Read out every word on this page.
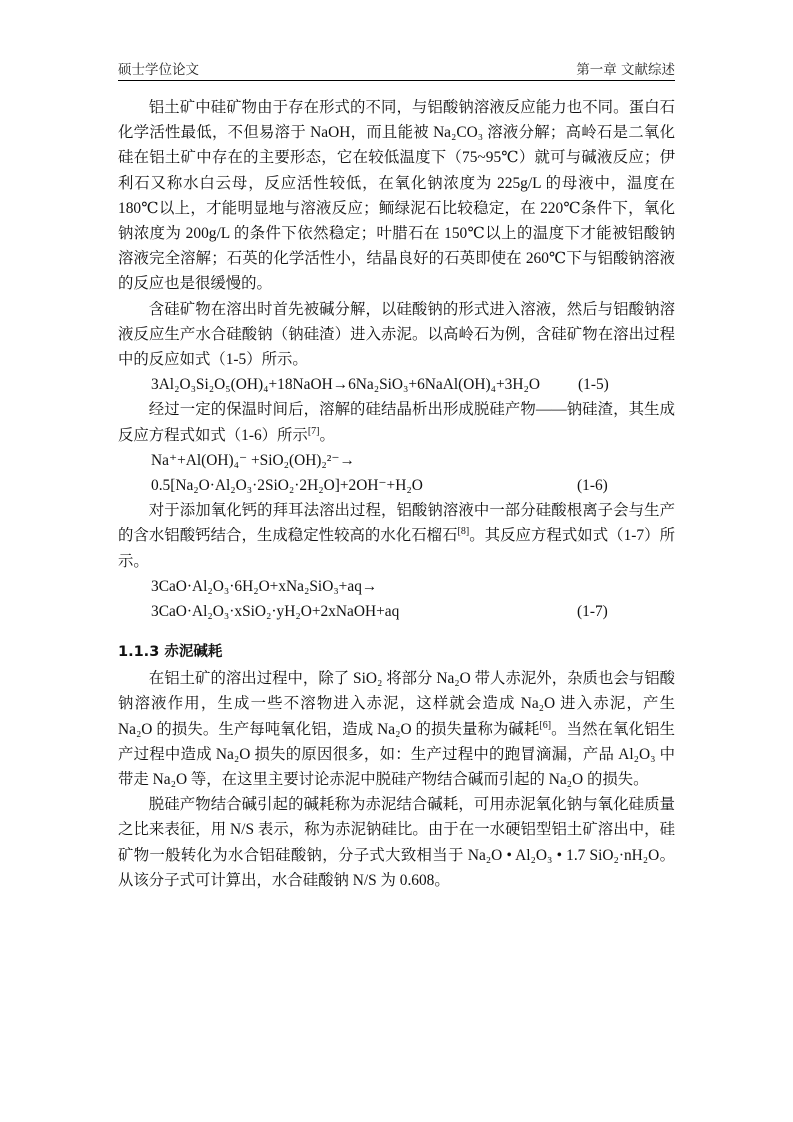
硕士学位论文	第一章 文献综述

铝土矿中硅矿物由于存在形式的不同，与铝酸钠溶液反应能力也不同。蛋白石化学活性最低，不但易溶于 NaOH，而且能被 Na₂CO₃ 溶液分解；高岭石是二氧化硅在铝土矿中存在的主要形态，它在较低温度下（75~95℃）就可与碱液反应；伊利石又称水白云母，反应活性较低，在氧化钠浓度为 225g/L 的母液中，温度在 180℃以上，才能明显地与溶液反应；鲕绿泥石比较稳定，在 220℃条件下，氧化钠浓度为 200g/L 的条件下依然稳定；叶腊石在 150℃以上的温度下才能被铝酸钠溶液完全溶解；石英的化学活性小，结晶良好的石英即使在 260℃下与铝酸钠溶液的反应也是很缓慢的。

含硅矿物在溶出时首先被碱分解，以硅酸钠的形式进入溶液，然后与铝酸钠溶液反应生产水合硅酸钠（钠硅渣）进入赤泥。以高岭石为例，含硅矿物在溶出过程中的反应如式（1-5）所示。

3Al₂O₃Si₂O₅(OH)₄+18NaOH→6Na₂SiO₃+6NaAl(OH)₄+3H₂O (1-5)

经过一定的保温时间后，溶解的硅结晶析出形成脱硅产物——钠硅渣，其生成反应方程式如式（1-6）所示[7]。

Na⁺+Al(OH)₄⁻ +SiO₂(OH)₂²⁻→
0.5[Na₂O·Al₂O₃·2SiO₂·2H₂O]+2OH⁻+H₂O	(1-6)

对于添加氧化钙的拜耳法溶出过程，铝酸钠溶液中一部分硅酸根离子会与生产的含水铝酸钙结合，生成稳定性较高的水化石榴石[8]。其反应方程式如式（1-7）所示。

3CaO·Al₂O₃·6H₂O+xNa₂SiO₃+aq→
3CaO·Al₂O₃·xSiO₂·yH₂O+2xNaOH+aq	(1-7)
1.1.3 赤泥碱耗

在铝土矿的溶出过程中，除了 SiO₂ 将部分 Na₂O 带人赤泥外，杂质也会与铝酸钠溶液作用，生成一些不溶物进入赤泥，这样就会造成 Na₂O 进入赤泥，产生 Na₂O 的损失。生产每吨氧化铝，造成 Na₂O 的损失量称为碱耗[6]。当然在氧化铝生产过程中造成 Na₂O 损失的原因很多，如：生产过程中的跑冒滴漏，产品 Al₂O₃ 中带走 Na₂O 等，在这里主要讨论赤泥中脱硅产物结合碱而引起的 Na₂O 的损失。

脱硅产物结合碱引起的碱耗称为赤泥结合碱耗，可用赤泥氧化钠与氧化硅质量之比来表征，用 N/S 表示，称为赤泥钠硅比。由于在一水硬铝型铝土矿溶出中，硅矿物一般转化为水合铝硅酸钠，分子式大致相当于 Na₂O • Al₂O₃ • 1.7 SiO₂·nH₂O。从该分子式可计算出，水合硅酸钠 N/S 为 0.608。
